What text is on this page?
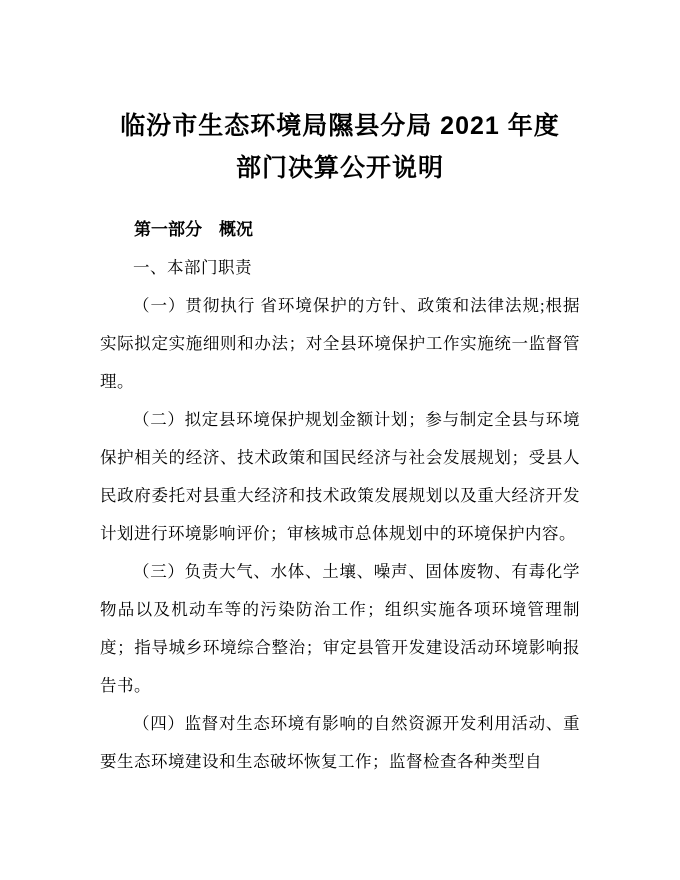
临汾市生态环境局隰县分局 2021 年度
部门决算公开说明
第一部分　概况

一、本部门职责

（一）贯彻执行 省环境保护的方针、政策和法律法规;根据实际拟定实施细则和办法；对全县环境保护工作实施统一监督管理。

（二）拟定县环境保护规划金额计划；参与制定全县与环境保护相关的经济、技术政策和国民经济与社会发展规划；受县人民政府委托对县重大经济和技术政策发展规划以及重大经济开发计划进行环境影响评价；审核城市总体规划中的环境保护内容。

（三）负责大气、水体、土壤、噪声、固体废物、有毒化学物品以及机动车等的污染防治工作；组织实施各项环境管理制度；指导城乡环境综合整治；审定县管开发建设活动环境影响报告书。

（四）监督对生态环境有影响的自然资源开发利用活动、重要生态环境建设和生态破坏恢复工作；监督检查各种类型自
